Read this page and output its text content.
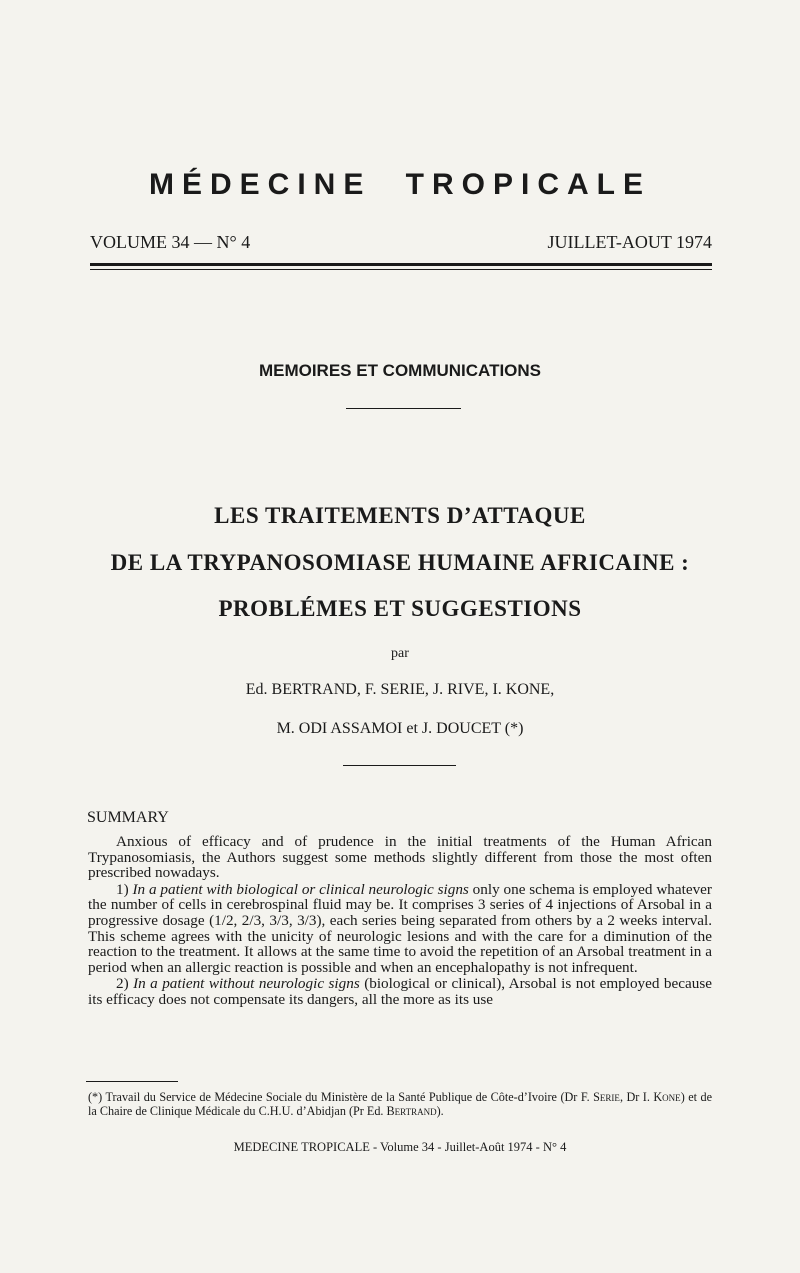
MÉDECINE TROPICALE
VOLUME 34 — N° 4	JUILLET-AOUT 1974
MEMOIRES ET COMMUNICATIONS
LES TRAITEMENTS D’ATTAQUE
DE LA TRYPANOSOMIASE HUMAINE AFRICAINE :
PROBLÉMES ET SUGGESTIONS
par
Ed. BERTRAND, F. SERIE, J. RIVE, I. KONE,
M. ODI ASSAMOI et J. DOUCET (*)
SUMMARY

Anxious of efficacy and of prudence in the initial treatments of the Human African Trypanosomiasis, the Authors suggest some methods slightly different from those the most often prescribed nowadays.

1) In a patient with biological or clinical neurologic signs only one schema is employed whatever the number of cells in cerebrospinal fluid may be. It comprises 3 series of 4 injections of Arsobal in a progressive dosage (1/2, 2/3, 3/3, 3/3), each series being separated from others by a 2 weeks interval. This scheme agrees with the unicity of neurologic lesions and with the care for a diminution of the reaction to the treatment. It allows at the same time to avoid the repetition of an Arsobal treatment in a period when an allergic reaction is possible and when an encephalopathy is not infrequent.

2) In a patient without neurologic signs (biological or clinical), Arsobal is not employed because its efficacy does not compensate its dangers, all the more as its use

(*) Travail du Service de Médecine Sociale du Ministère de la Santé Publique de Côte-d’Ivoire (Dr F. Serie, Dr I. Kone) et de la Chaire de Clinique Médicale du C.H.U. d’Abidjan (Pr Ed. Bertrand).
MEDECINE TROPICALE - Volume 34 - Juillet-Août 1974 - N° 4
